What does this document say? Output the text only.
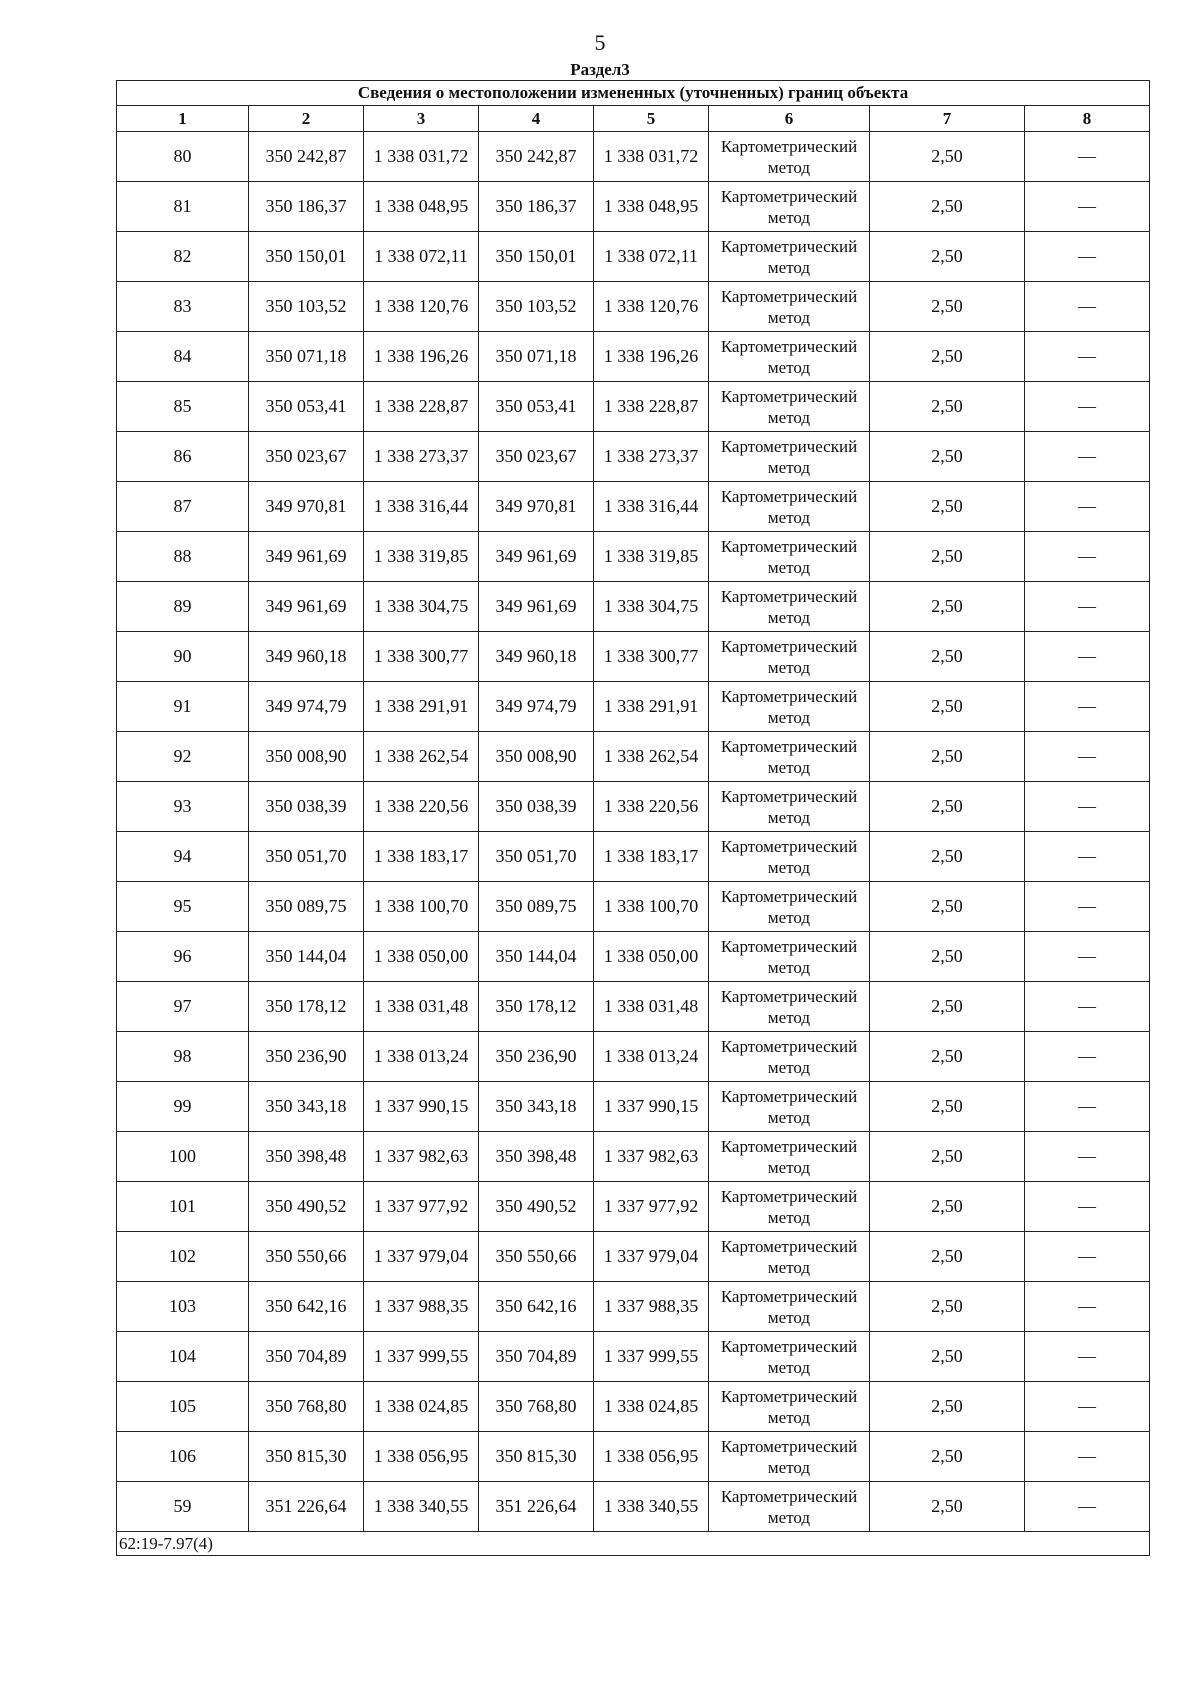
5
Раздел3
Сведения о местоположении измененных (уточненных) границ объекта							
1	2	3	4	5	6	7	8
80	350 242,87	1 338 031,72	350 242,87	1 338 031,72	Картометрический метод	2,50	—
81	350 186,37	1 338 048,95	350 186,37	1 338 048,95	Картометрический метод	2,50	—
82	350 150,01	1 338 072,11	350 150,01	1 338 072,11	Картометрический метод	2,50	—
83	350 103,52	1 338 120,76	350 103,52	1 338 120,76	Картометрический метод	2,50	—
84	350 071,18	1 338 196,26	350 071,18	1 338 196,26	Картометрический метод	2,50	—
85	350 053,41	1 338 228,87	350 053,41	1 338 228,87	Картометрический метод	2,50	—
86	350 023,67	1 338 273,37	350 023,67	1 338 273,37	Картометрический метод	2,50	—
87	349 970,81	1 338 316,44	349 970,81	1 338 316,44	Картометрический метод	2,50	—
88	349 961,69	1 338 319,85	349 961,69	1 338 319,85	Картометрический метод	2,50	—
89	349 961,69	1 338 304,75	349 961,69	1 338 304,75	Картометрический метод	2,50	—
90	349 960,18	1 338 300,77	349 960,18	1 338 300,77	Картометрический метод	2,50	—
91	349 974,79	1 338 291,91	349 974,79	1 338 291,91	Картометрический метод	2,50	—
92	350 008,90	1 338 262,54	350 008,90	1 338 262,54	Картометрический метод	2,50	—
93	350 038,39	1 338 220,56	350 038,39	1 338 220,56	Картометрический метод	2,50	—
94	350 051,70	1 338 183,17	350 051,70	1 338 183,17	Картометрический метод	2,50	—
95	350 089,75	1 338 100,70	350 089,75	1 338 100,70	Картометрический метод	2,50	—
96	350 144,04	1 338 050,00	350 144,04	1 338 050,00	Картометрический метод	2,50	—
97	350 178,12	1 338 031,48	350 178,12	1 338 031,48	Картометрический метод	2,50	—
98	350 236,90	1 338 013,24	350 236,90	1 338 013,24	Картометрический метод	2,50	—
99	350 343,18	1 337 990,15	350 343,18	1 337 990,15	Картометрический метод	2,50	—
100	350 398,48	1 337 982,63	350 398,48	1 337 982,63	Картометрический метод	2,50	—
101	350 490,52	1 337 977,92	350 490,52	1 337 977,92	Картометрический метод	2,50	—
102	350 550,66	1 337 979,04	350 550,66	1 337 979,04	Картометрический метод	2,50	—
103	350 642,16	1 337 988,35	350 642,16	1 337 988,35	Картометрический метод	2,50	—
104	350 704,89	1 337 999,55	350 704,89	1 337 999,55	Картометрический метод	2,50	—
105	350 768,80	1 338 024,85	350 768,80	1 338 024,85	Картометрический метод	2,50	—
106	350 815,30	1 338 056,95	350 815,30	1 338 056,95	Картометрический метод	2,50	—
59	351 226,64	1 338 340,55	351 226,64	1 338 340,55	Картометрический метод	2,50	—
62:19-7.97(4)							
